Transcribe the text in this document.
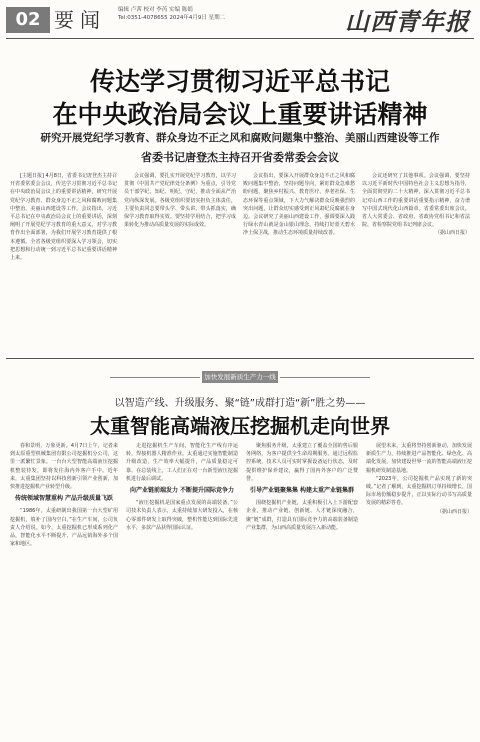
02 要闻 编辑 卢茜 校对 李芮 实编 陈娟
Tel:0351-4078655 2024年4月9日 星期二	山西青年报
传达学习贯彻习近平总书记
在中央政治局会议上重要讲话精神
研究开展党纪学习教育、群众身边不正之风和腐败问题集中整治、美丽山西建设等工作
省委书记唐登杰主持召开省委常委会会议

[主题日报] 4月8日，省委书记唐登杰主持召开省委常委会会议，传达学习贯彻习近平总书记在中央政治局会议上的重要讲话精神，研究开展党纪学习教育、群众身边不正之风和腐败问题集中整治、美丽山西建设等工作。会议指出，习近平总书记在中央政治局会议上的重要讲话，深刻阐明了开展党纪学习教育的重大意义，对学习教育作出全面部署，为我们开展学习教育提供了根本遵循。全省各级党组织要深入学习领会，切实把思想和行动统一到习近平总书记重要讲话精神上来。

会议强调，要扎实开展党纪学习教育，以学习贯彻《中国共产党纪律处分条例》为重点，引导党员干部学纪、知纪、明纪、守纪，推动全面从严治党向纵深发展。各级党组织要切实担负主体责任，主要负责同志要带头学、带头讲、带头抓落实，确保学习教育取得实效。要坚持学用结合，把学习成果转化为推动高质量发展的实际成效。

会议指出，要深入开展群众身边不正之风和腐败问题集中整治，坚持问题导向，紧盯群众急难愁盼问题，聚焦乡村振兴、教育医疗、养老社保、生态环保等重点领域，下大力气解决群众反映强烈的突出问题，让群众切实感受到正风肃纪反腐就在身边。会议研究了美丽山西建设工作，强调要深入践行绿水青山就是金山银山理念，持续打好蓝天碧水净土保卫战，推动生态环境质量持续改善。

会议还研究了其他事项。会议强调，要坚持以习近平新时代中国特色社会主义思想为指导，全面贯彻党的二十大精神，深入贯彻习近平总书记对山西工作的重要讲话重要指示精神，奋力谱写中国式现代化山西篇章。省委常委出席会议，省人大常委会、省政府、省政协党组书记和省法院、省检察院党组书记列席会议。

（据山西日报）
加快发展新质生产力一线行
以智造产线、升级服务、聚“链”成群打造“新”胜之势——
太重智能高端液压挖掘机走向世界

春和景明，万象更新。4月7日上午，记者来到太原重型机械集团有限公司挖掘机分公司，这里一派繁忙景象。一台台大型智能高端液压挖掘机整装待发，即将发往海内外客户手中。近年来，太重集团坚持以科技创新引领产业创新，加快推进挖掘机产业转型升级。

传统领域智慧重构 产品升级质量飞跃

“1986年，太重研制出我国第一台大型矿用挖掘机，填补了国内空白。”在生产车间，公司负责人介绍说。如今，太重挖掘机已形成系列化产品，智能化水平不断提升，产品远销海外多个国家和地区。

走进挖掘机生产车间，智能化生产线有序运转，焊接机器人精准作业。太重通过实施智能制造升级改造，生产效率大幅提升，产品质量稳定可靠。在总装线上，工人们正在对一台新型液压挖掘机进行最后调试。

向产业链前端发力 不断提升国际竞争力

“液压挖掘机是国家重点发展的高端装备。”公司技术负责人表示，太重持续加大研发投入，在核心零部件研发上取得突破，整机性能达到国际先进水平，多款产品获得国际认证。

聚焦服务升级，太重建立了覆盖全国的售后服务网络，为客户提供全生命周期服务。通过远程监控系统，技术人员可实时掌握设备运行状态，及时提供维护保养建议，赢得了国内外客户的广泛赞誉。

引导产业链聚集集 构建太重产业链集群

围绕挖掘机产业链，太重积极引入上下游配套企业，推动产业链、创新链、人才链深度融合，聚“链”成群，打造具有国际竞争力的高端装备制造产业集群，为山西高质量发展注入新动能。

展望未来，太重将坚持创新驱动，加快发展新质生产力，持续推进产品智能化、绿色化、高端化发展，加快建设世界一流的智能高端液压挖掘机研发制造基地。

“2023年，公司挖掘机产品实现了新的突破。”记者了解到，太重挖掘机订单持续增长，国际市场份额稳步提升，正以实际行动书写高质量发展的精彩答卷。

（据山西日报）
